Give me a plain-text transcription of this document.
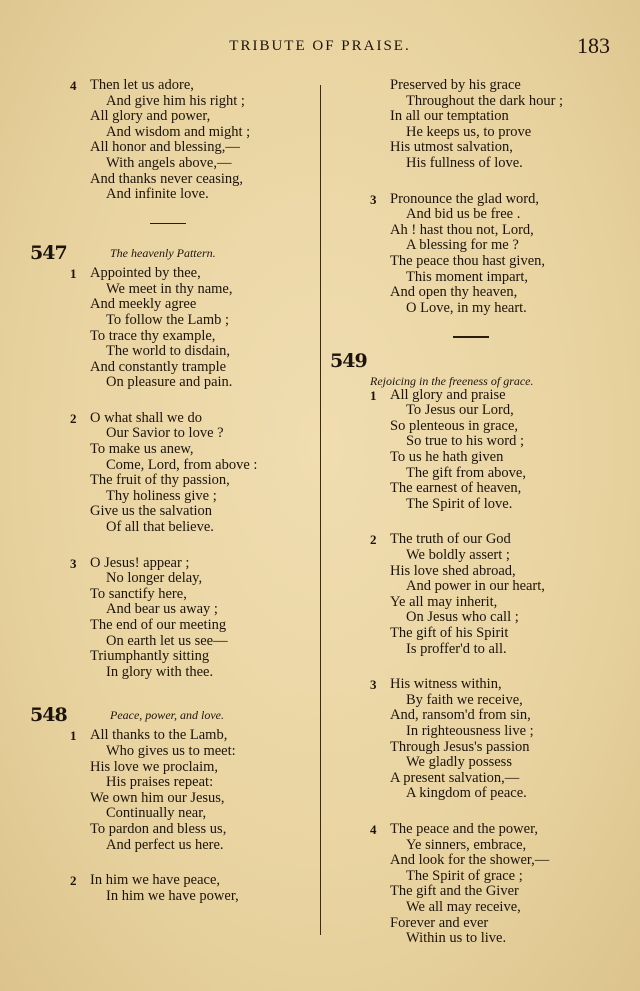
TRIBUTE OF PRAISE.	183
4 Then let us adore,
And give him his right ;
All glory and power,
And wisdom and might ;
All honor and blessing,—
With angels above,—
And thanks never ceasing,
And infinite love.
547	The heavenly Pattern.
1 Appointed by thee,
We meet in thy name,
And meekly agree
To follow the Lamb ;
To trace thy example,
The world to disdain,
And constantly trample
On pleasure and pain.
2 O what shall we do
Our Savior to love ?
To make us anew,
Come, Lord, from above :
The fruit of thy passion,
Thy holiness give ;
Give us the salvation
Of all that believe.
3 O Jesus! appear ;
No longer delay,
To sanctify here,
And bear us away ;
The end of our meeting
On earth let us see—
Triumphantly sitting
In glory with thee.
548	Peace, power, and love.
1 All thanks to the Lamb,
Who gives us to meet:
His love we proclaim,
His praises repeat:
We own him our Jesus,
Continually near,
To pardon and bless us,
And perfect us here.
2 In him we have peace,
In him we have power,
Preserved by his grace
Throughout the dark hour ;
In all our temptation
He keeps us, to prove
His utmost salvation,
His fullness of love.
3 Pronounce the glad word,
And bid us be free .
Ah ! hast thou not, Lord,
A blessing for me ?
The peace thou hast given,
This moment impart,
And open thy heaven,
O Love, in my heart.
549
Rejoicing in the freeness of grace.
1 All glory and praise
To Jesus our Lord,
So plenteous in grace,
So true to his word ;
To us he hath given
The gift from above,
The earnest of heaven,
The Spirit of love.
2 The truth of our God
We boldly assert ;
His love shed abroad,
And power in our heart,
Ye all may inherit,
On Jesus who call ;
The gift of his Spirit
Is proffer'd to all.
3 His witness within,
By faith we receive,
And, ransom'd from sin,
In righteousness live ;
Through Jesus's passion
We gladly possess
A present salvation,—
A kingdom of peace.
4 The peace and the power,
Ye sinners, embrace,
And look for the shower,—
The Spirit of grace ;
The gift and the Giver
We all may receive,
Forever and ever
Within us to live.
